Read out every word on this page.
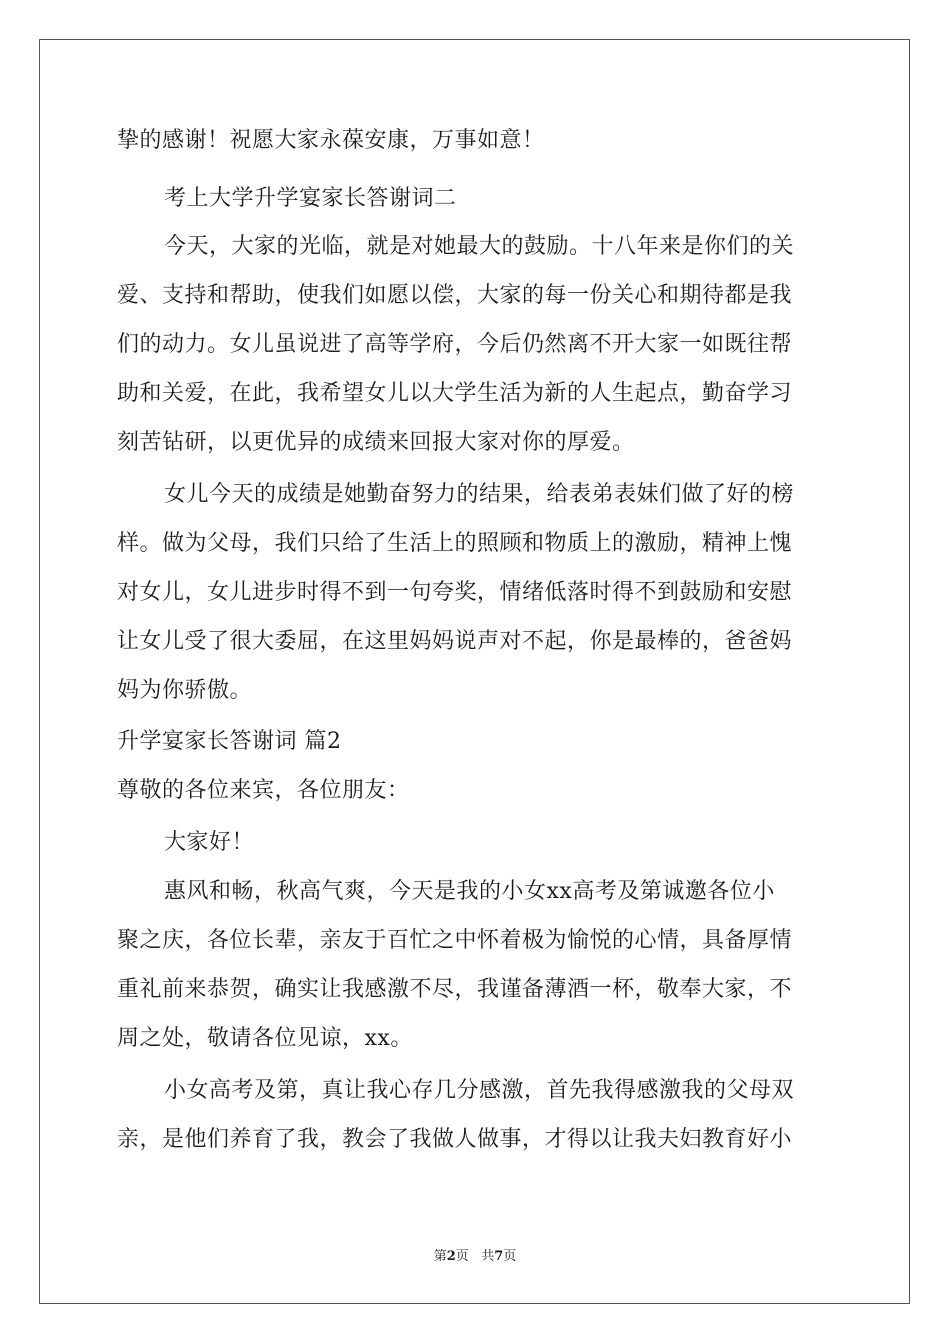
挚的感谢！祝愿大家永葆安康，万事如意！
考上大学升学宴家长答谢词二
今天，大家的光临，就是对她最大的鼓励。十八年来是你们的关
爱、支持和帮助，使我们如愿以偿，大家的每一份关心和期待都是我
们的动力。女儿虽说进了高等学府，今后仍然离不开大家一如既往帮
助和关爱，在此，我希望女儿以大学生活为新的人生起点，勤奋学习
刻苦钻研，以更优异的成绩来回报大家对你的厚爱。
女儿今天的成绩是她勤奋努力的结果，给表弟表妹们做了好的榜
样。做为父母，我们只给了生活上的照顾和物质上的激励，精神上愧
对女儿，女儿进步时得不到一句夸奖，情绪低落时得不到鼓励和安慰
让女儿受了很大委屈，在这里妈妈说声对不起，你是最棒的，爸爸妈
妈为你骄傲。
升学宴家长答谢词 篇2
尊敬的各位来宾，各位朋友：
大家好！
惠风和畅，秋高气爽，今天是我的小女xx高考及第诚邀各位小
聚之庆，各位长辈，亲友于百忙之中怀着极为愉悦的心情，具备厚情
重礼前来恭贺，确实让我感激不尽，我谨备薄酒一杯，敬奉大家，不
周之处，敬请各位见谅，xx。
小女高考及第，真让我心存几分感激，首先我得感激我的父母双
亲，是他们养育了我，教会了我做人做事，才得以让我夫妇教育好小
第2页 共7页
